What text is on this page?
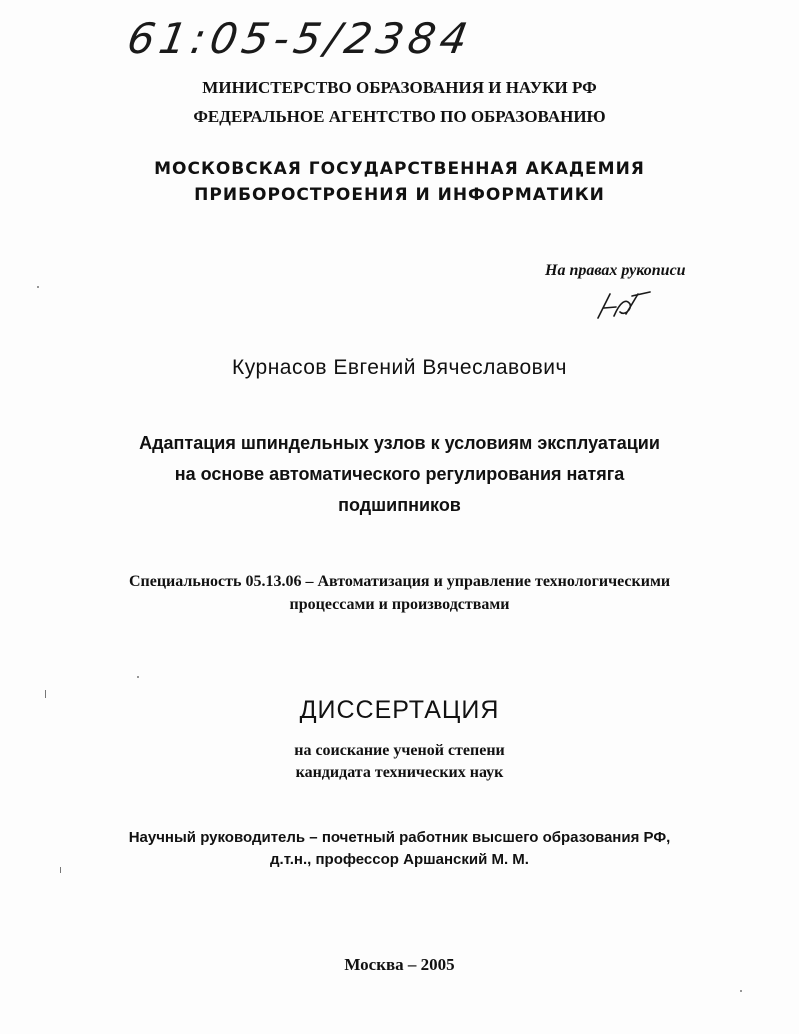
61:05-5/2384
МИНИСТЕРСТВО ОБРАЗОВАНИЯ И НАУКИ РФ
ФЕДЕРАЛЬНОЕ АГЕНТСТВО ПО ОБРАЗОВАНИЮ
МОСКОВСКАЯ ГОСУДАРСТВЕННАЯ АКАДЕМИЯ
ПРИБОРОСТРОЕНИЯ И ИНФОРМАТИКИ
На правах рукописи
Курнасов Евгений Вячеславович
Адаптация шпиндельных узлов к условиям эксплуатации
на основе автоматического регулирования натяга
подшипников
Специальность 05.13.06 – Автоматизация и управление технологическими
процессами и производствами
ДИССЕРТАЦИЯ
на соискание ученой степени
кандидата технических наук
Научный руководитель – почетный работник высшего образования РФ,
д.т.н., профессор Аршанский М. М.
Москва – 2005
